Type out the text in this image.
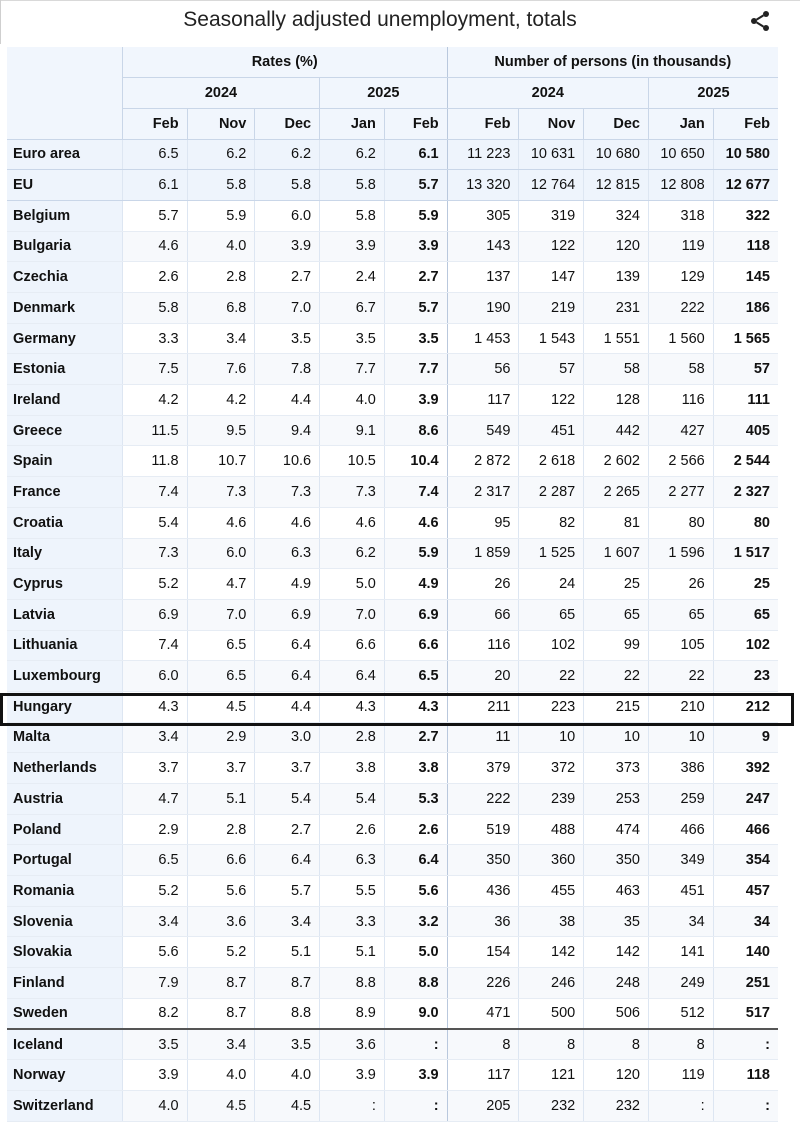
Seasonally adjusted unemployment, totals
	Rates (%)					Number of persons (in thousands)				
	2024			2025		2024			2025	
	Feb	Nov	Dec	Jan	Feb	Feb	Nov	Dec	Jan	Feb
Euro area	6.5	6.2	6.2	6.2	6.1	11 223	10 631	10 680	10 650	10 580
EU	6.1	5.8	5.8	5.8	5.7	13 320	12 764	12 815	12 808	12 677
Belgium	5.7	5.9	6.0	5.8	5.9	305	319	324	318	322
Bulgaria	4.6	4.0	3.9	3.9	3.9	143	122	120	119	118
Czechia	2.6	2.8	2.7	2.4	2.7	137	147	139	129	145
Denmark	5.8	6.8	7.0	6.7	5.7	190	219	231	222	186
Germany	3.3	3.4	3.5	3.5	3.5	1 453	1 543	1 551	1 560	1 565
Estonia	7.5	7.6	7.8	7.7	7.7	56	57	58	58	57
Ireland	4.2	4.2	4.4	4.0	3.9	117	122	128	116	111
Greece	11.5	9.5	9.4	9.1	8.6	549	451	442	427	405
Spain	11.8	10.7	10.6	10.5	10.4	2 872	2 618	2 602	2 566	2 544
France	7.4	7.3	7.3	7.3	7.4	2 317	2 287	2 265	2 277	2 327
Croatia	5.4	4.6	4.6	4.6	4.6	95	82	81	80	80
Italy	7.3	6.0	6.3	6.2	5.9	1 859	1 525	1 607	1 596	1 517
Cyprus	5.2	4.7	4.9	5.0	4.9	26	24	25	26	25
Latvia	6.9	7.0	6.9	7.0	6.9	66	65	65	65	65
Lithuania	7.4	6.5	6.4	6.6	6.6	116	102	99	105	102
Luxembourg	6.0	6.5	6.4	6.4	6.5	20	22	22	22	23
Hungary	4.3	4.5	4.4	4.3	4.3	211	223	215	210	212
Malta	3.4	2.9	3.0	2.8	2.7	11	10	10	10	9
Netherlands	3.7	3.7	3.7	3.8	3.8	379	372	373	386	392
Austria	4.7	5.1	5.4	5.4	5.3	222	239	253	259	247
Poland	2.9	2.8	2.7	2.6	2.6	519	488	474	466	466
Portugal	6.5	6.6	6.4	6.3	6.4	350	360	350	349	354
Romania	5.2	5.6	5.7	5.5	5.6	436	455	463	451	457
Slovenia	3.4	3.6	3.4	3.3	3.2	36	38	35	34	34
Slovakia	5.6	5.2	5.1	5.1	5.0	154	142	142	141	140
Finland	7.9	8.7	8.7	8.8	8.8	226	246	248	249	251
Sweden	8.2	8.7	8.8	8.9	9.0	471	500	506	512	517
Iceland	3.5	3.4	3.5	3.6	:	8	8	8	8	:
Norway	3.9	4.0	4.0	3.9	3.9	117	121	120	119	118
Switzerland	4.0	4.5	4.5	:	:	205	232	232	:	:
